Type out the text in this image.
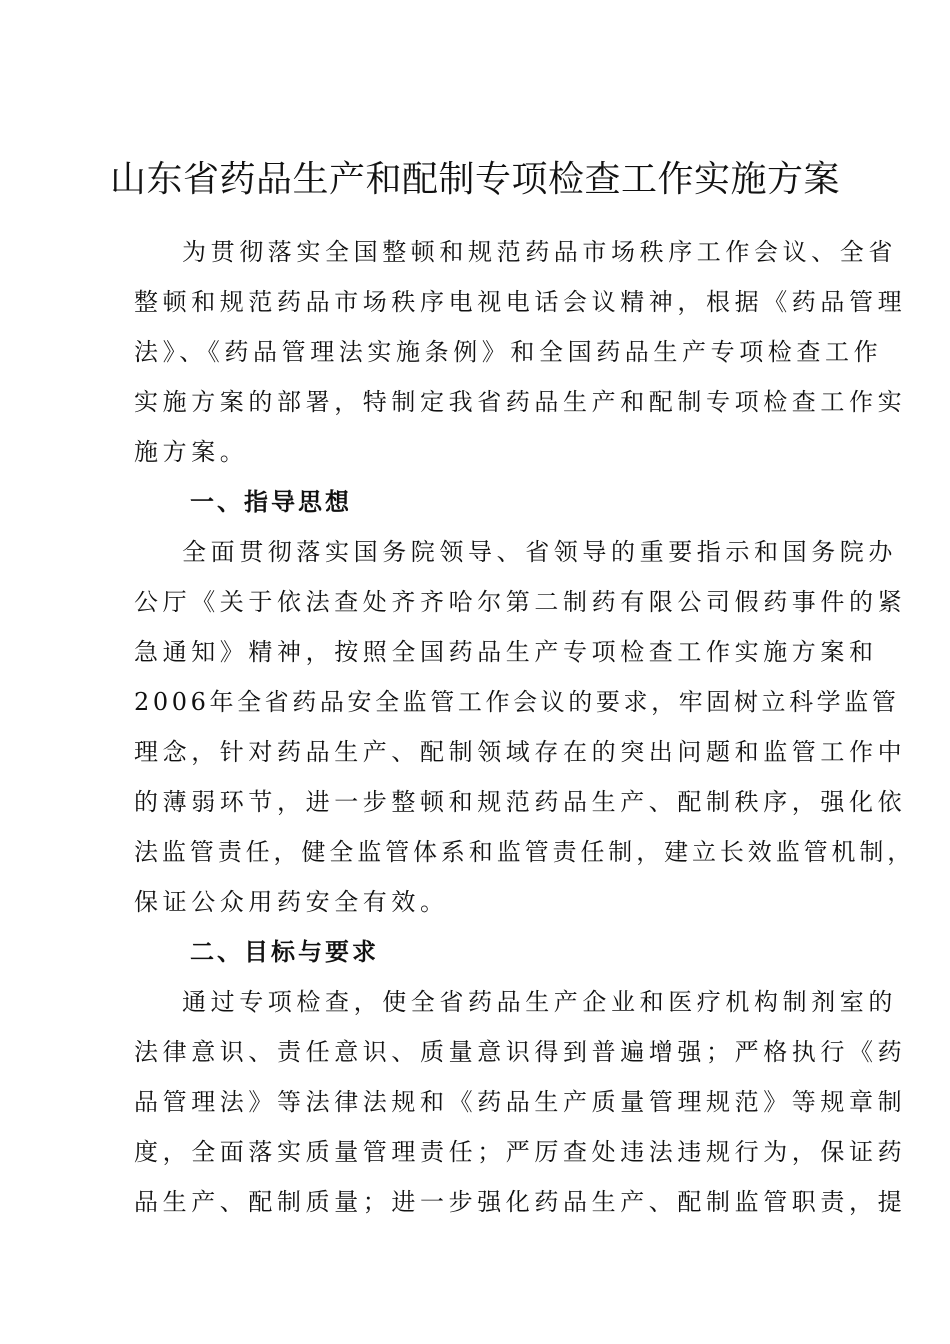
山东省药品生产和配制专项检查工作实施方案

为贯彻落实全国整顿和规范药品市场秩序工作会议、全省

整顿和规范药品市场秩序电视电话会议精神，根据《药品管理

法》、《药品管理法实施条例》和全国药品生产专项检查工作

实施方案的部署，特制定我省药品生产和配制专项检查工作实

施方案。

一、指导思想

全面贯彻落实国务院领导、省领导的重要指示和国务院办

公厅《关于依法查处齐齐哈尔第二制药有限公司假药事件的紧

急通知》精神，按照全国药品生产专项检查工作实施方案和

2006年全省药品安全监管工作会议的要求，牢固树立科学监管

理念，针对药品生产、配制领域存在的突出问题和监管工作中

的薄弱环节，进一步整顿和规范药品生产、配制秩序，强化依

法监管责任，健全监管体系和监管责任制，建立长效监管机制，

保证公众用药安全有效。

二、目标与要求

通过专项检查，使全省药品生产企业和医疗机构制剂室的

法律意识、责任意识、质量意识得到普遍增强；严格执行《药

品管理法》等法律法规和《药品生产质量管理规范》等规章制

度，全面落实质量管理责任；严厉查处违法违规行为，保证药

品生产、配制质量；进一步强化药品生产、配制监管职责，提
